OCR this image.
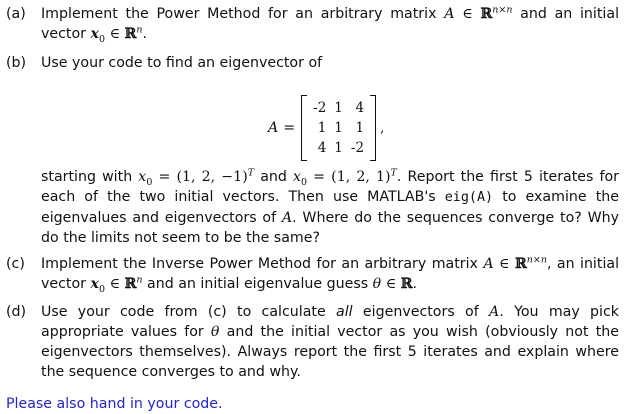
(a) Implement the Power Method for an arbitrary matrix A ∈ ℝ$^{n\times n}$ and an initial vector $x_0$ ∈ ℝ$^n$.
(b) Use your code to find an eigenvector of
A =
-2	1	4
1	1	1
4	1	-2
,
starting with $x_0 = (1$, 2, −1)$^T$ and $x_0 = (1$, 2, 1)$^T$. Report the first 5 iterates for each of the two initial vectors. Then use MATLAB's eig(A) to examine the eigenvalues and eigenvectors of A. Where do the sequences converge to? Why do the limits not seem to be the same?
(c) Implement the Inverse Power Method for an arbitrary matrix A ∈ ℝ$^{n\times n}$, an initial vector $x_0$ ∈ ℝ$^n$ and an initial eigenvalue guess θ ∈ ℝ.
(d) Use your code from (c) to calculate all eigenvectors of A. You may pick appropriate values for θ and the initial vector as you wish (obviously not the eigenvectors themselves). Always report the first 5 iterates and explain where the sequence converges to and why.
Please also hand in your code.
